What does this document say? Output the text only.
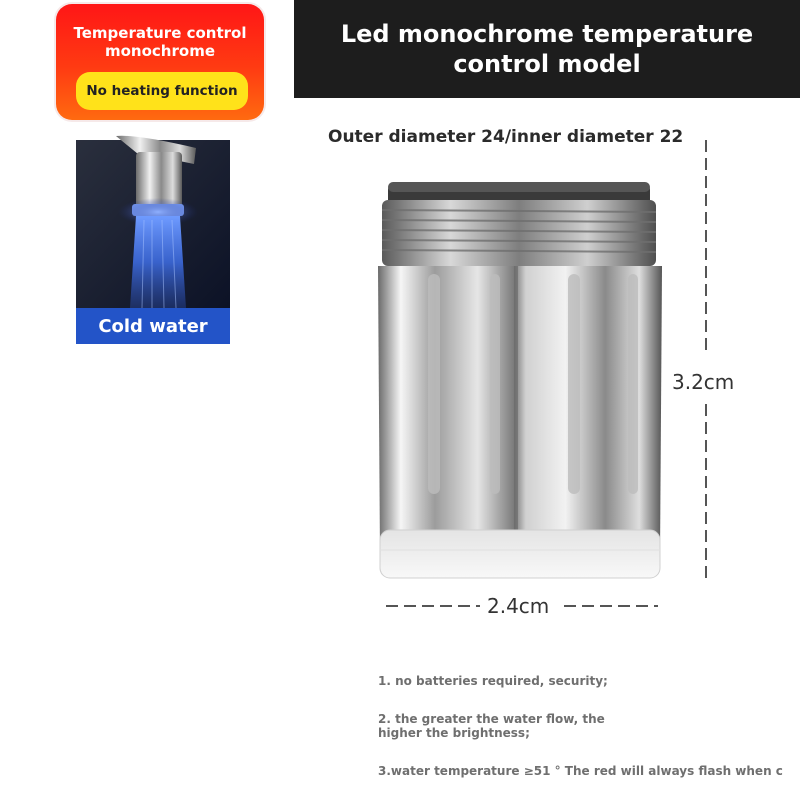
Temperature control monochrome
No heating function
Led monochrome temperature control model
Cold water
Outer diameter 24/inner diameter 22
3.2cm
2.4cm
1. no batteries required, security;
2. the greater the water flow, the higher the brightness;
3.water temperature ≥51 ° The red will always flash when c
